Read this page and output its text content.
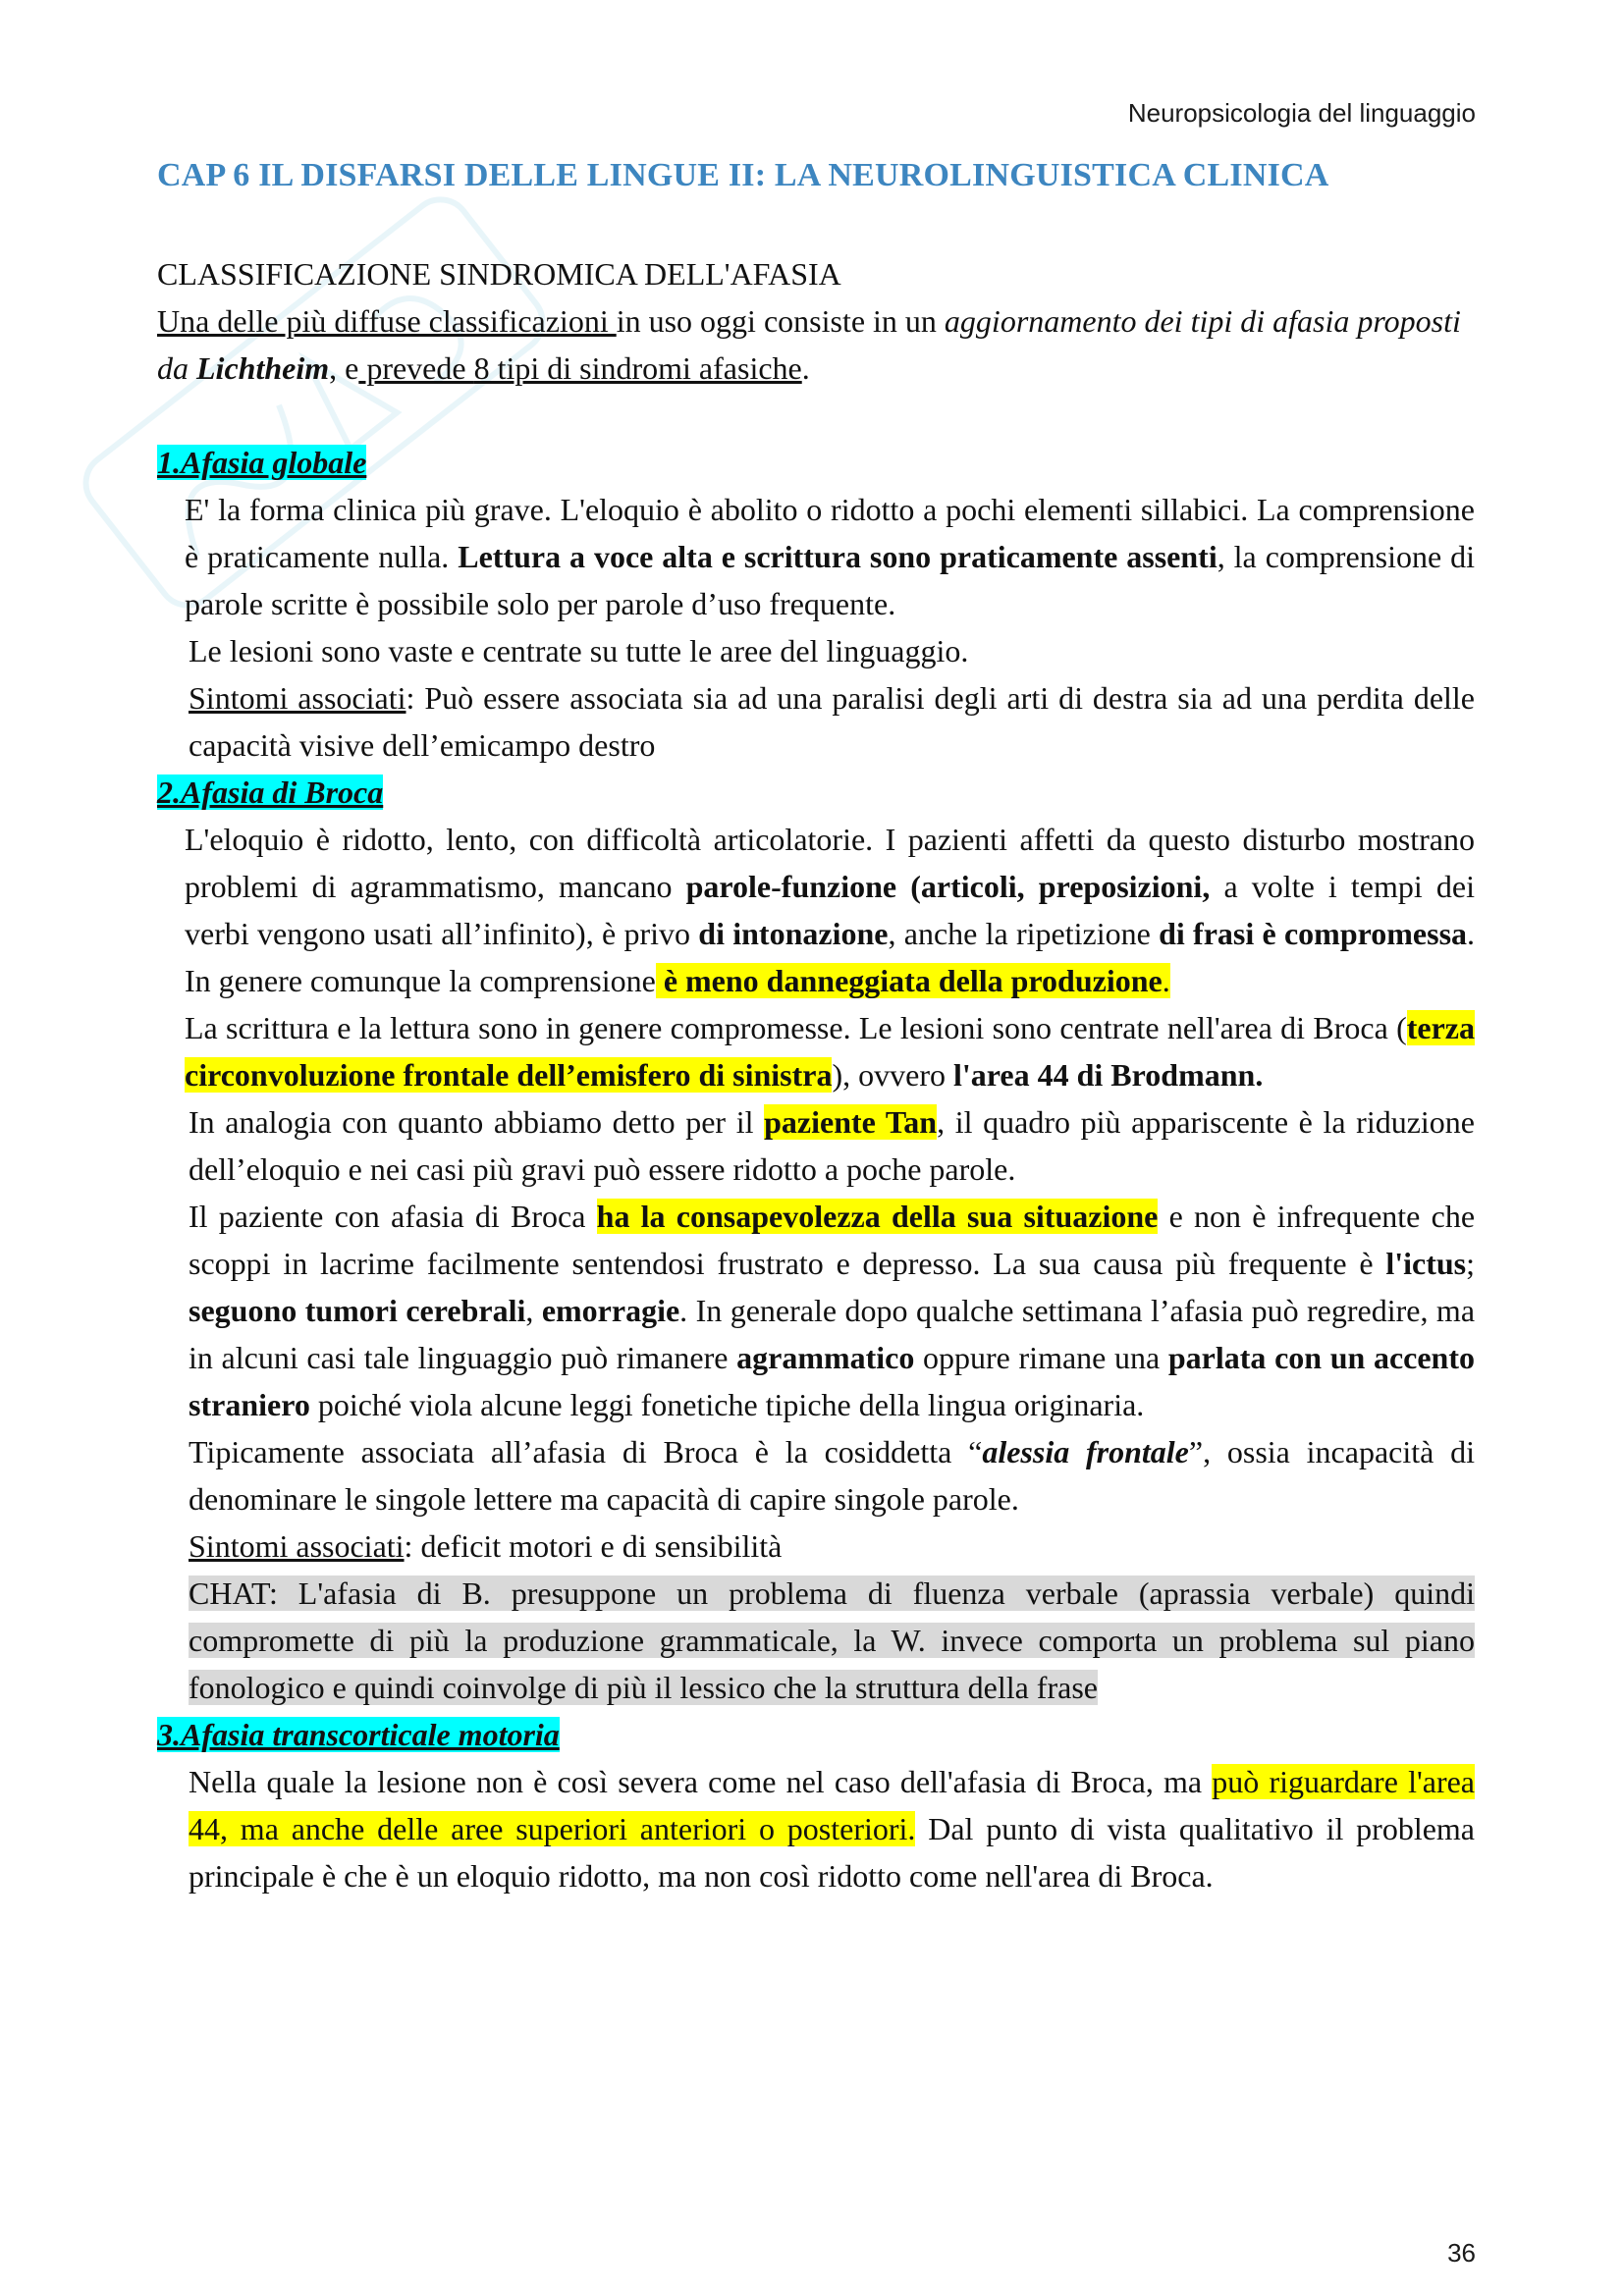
Neuropsicologia del linguaggio
CAP 6 IL DISFARSI DELLE LINGUE II: LA NEUROLINGUISTICA CLINICA

CLASSIFICAZIONE SINDROMICA DELL'AFASIA

Una delle più diffuse classificazioni in uso oggi consiste in un aggiornamento dei tipi di afasia proposti da Lichtheim, e prevede 8 tipi di sindromi afasiche.

1.Afasia globale

E' la forma clinica più grave. L'eloquio è abolito o ridotto a pochi elementi sillabici. La comprensione è praticamente nulla. Lettura a voce alta e scrittura sono praticamente assenti, la comprensione di parole scritte è possibile solo per parole d’uso frequente.

Le lesioni sono vaste e centrate su tutte le aree del linguaggio.

Sintomi associati: Può essere associata sia ad una paralisi degli arti di destra sia ad una perdita delle capacità visive dell’emicampo destro

2.Afasia di Broca

L'eloquio è ridotto, lento, con difficoltà articolatorie. I pazienti affetti da questo disturbo mostrano problemi di agrammatismo, mancano parole-funzione (articoli, preposizioni, a volte i tempi dei verbi vengono usati all’infinito), è privo di intonazione, anche la ripetizione di frasi è compromessa. In genere comunque la comprensione è meno danneggiata della produzione.

La scrittura e la lettura sono in genere compromesse. Le lesioni sono centrate nell'area di Broca (terza circonvoluzione frontale dell’emisfero di sinistra), ovvero l'area 44 di Brodmann.

In analogia con quanto abbiamo detto per il paziente Tan, il quadro più appariscente è la riduzione dell’eloquio e nei casi più gravi può essere ridotto a poche parole.

Il paziente con afasia di Broca ha la consapevolezza della sua situazione e non è infrequente che scoppi in lacrime facilmente sentendosi frustrato e depresso. La sua causa più frequente è l'ictus; seguono tumori cerebrali, emorragie. In generale dopo qualche settimana l’afasia può regredire, ma in alcuni casi tale linguaggio può rimanere agrammatico oppure rimane una parlata con un accento straniero poiché viola alcune leggi fonetiche tipiche della lingua originaria.

Tipicamente associata all’afasia di Broca è la cosiddetta “alessia frontale”, ossia incapacità di denominare le singole lettere ma capacità di capire singole parole.

Sintomi associati: deficit motori e di sensibilità

CHAT: L'afasia di B. presuppone un problema di fluenza verbale (aprassia verbale) quindi compromette di più la produzione grammaticale, la W. invece comporta un problema sul piano fonologico e quindi coinvolge di più il lessico che la struttura della frase

3.Afasia transcorticale motoria

Nella quale la lesione non è così severa come nel caso dell'afasia di Broca, ma può riguardare l'area 44, ma anche delle aree superiori anteriori o posteriori. Dal punto di vista qualitativo il problema principale è che è un eloquio ridotto, ma non così ridotto come nell'area di Broca.

36
